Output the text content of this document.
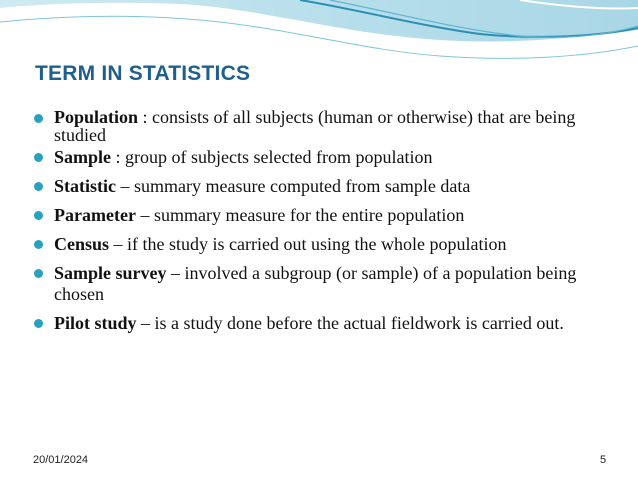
TERM IN STATISTICS
Population : consists of all subjects (human or otherwise) that are being studied
Sample : group of subjects selected from population
Statistic – summary measure computed from sample data
Parameter – summary measure for the entire population
Census – if the study is carried out using the whole population
Sample survey – involved a subgroup (or sample) of a population being chosen
Pilot study – is a study done before the actual fieldwork is carried out.
20/01/2024	5
